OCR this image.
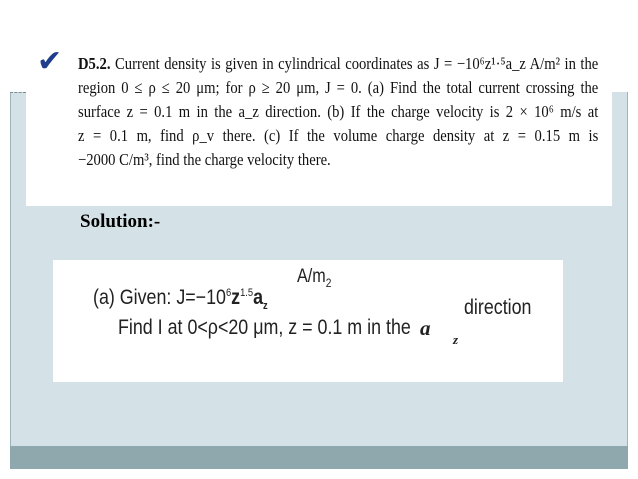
✔ D5.2. Current density is given in cylindrical coordinates as J = −10⁶z¹·⁵a_z A/m² in the
region 0 ≤ ρ ≤ 20 μm; for ρ ≥ 20 μm, J = 0. (a) Find the total current crossing the
surface z = 0.1 m in the a_z direction. (b) If the charge velocity is 2 × 10⁶ m/s at
z = 0.1 m, find ρ_v there. (c) If the volume charge density at z = 0.15 m is
−2000 C/m³, find the charge velocity there.
Solution:-
$A/m_2$
(a) Given: $J=-10^6z^{1.5}a_z$	direction
Find I at 0<ρ<20 μm, z = 0.1 m in the a z
